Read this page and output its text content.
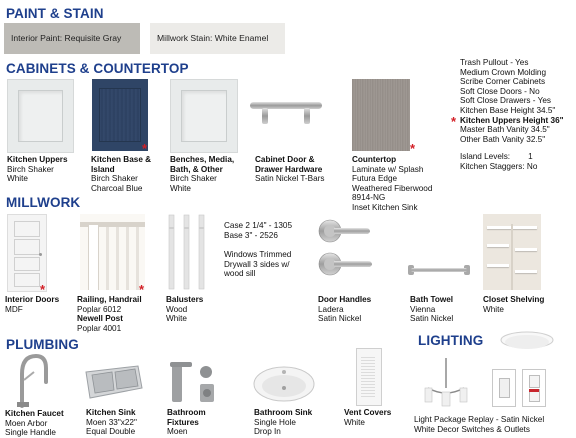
PAINT & STAIN
Interior Paint: Requisite Gray	Millwork Stain: White Enamel
CABINETS & COUNTERTOP
Kitchen Uppers
Birch Shaker
White
*
Kitchen Base &
Island
Birch Shaker
Charcoal Blue
Benches, Media,
Bath, & Other
Birch Shaker
White
Cabinet Door &
Drawer Hardware
Satin Nickel T-Bars
*
Countertop
Laminate w/ Splash
Futura Edge
Weathered Fiberwood
8914-NG
Inset Kitchen Sink
Trash Pullout - Yes
Medium Crown Molding
Scribe Corner Cabinets
Soft Close Doors - No
Soft Close Drawers - Yes
Kitchen Base Height 34.5"
Kitchen Uppers Height 36"
Master Bath Vanity 34.5"
Other Bath Vanity 32.5"
*
Island Levels: 1
Kitchen Staggers: No
MILLWORK
*
Interior Doors
MDF
*
Railing, Handrail
Poplar 6012
Newell Post
Poplar 4001
Balusters
Wood
White
Case 2 1/4" - 1305
Base 3" - 2526
Windows Trimmed
Drywall 3 sides w/
wood sill
Door Handles
Ladera
Satin Nickel
Bath Towel
Vienna
Satin Nickel
Closet Shelving
White
PLUMBING
Kitchen Faucet
Moen Arbor
Single Handle
Kitchen Sink
Moen 33"x22"
Equal Double
Bathroom
Fixtures
Moen
Bathroom Sink
Single Hole
Drop In
Vent Covers
White
LIGHTING
Light Package Replay - Satin Nickel
White Decor Switches & Outlets
